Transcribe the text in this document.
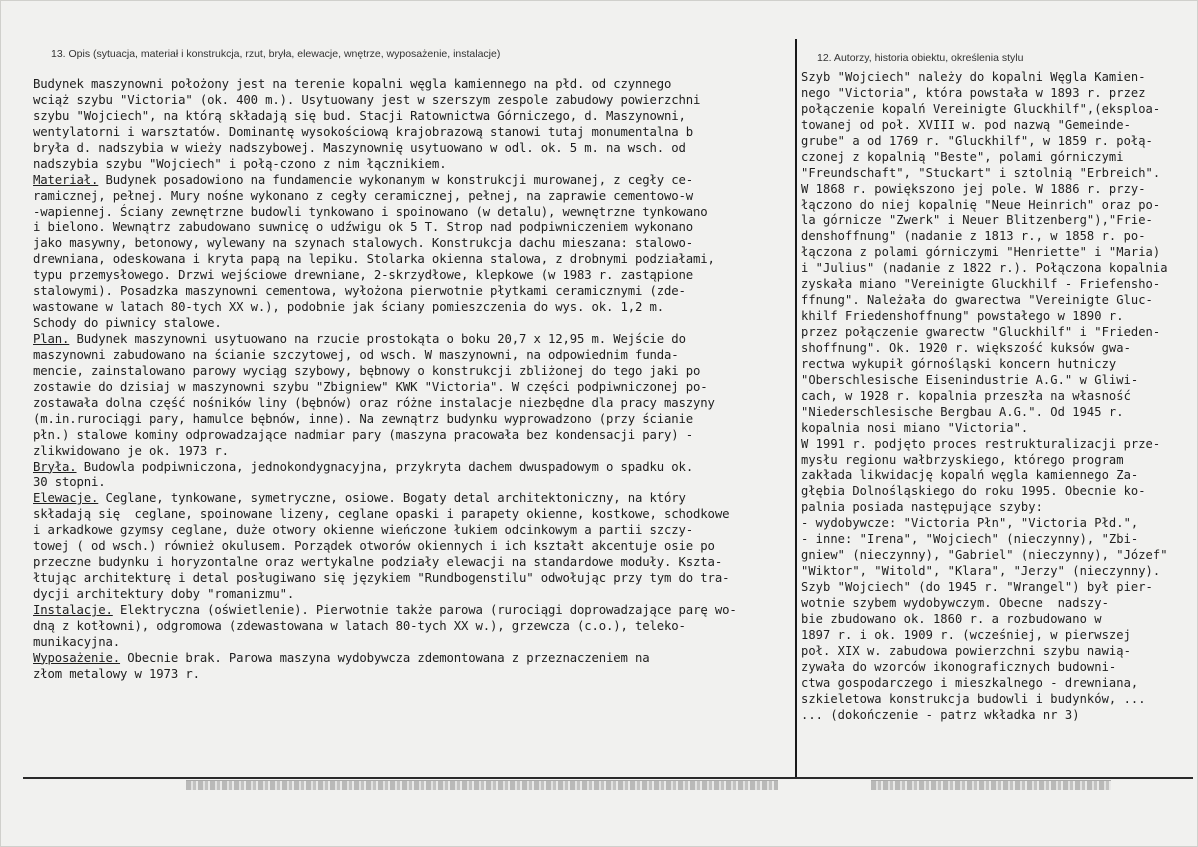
13. Opis (sytuacja, materiał i konstrukcja, rzut, bryła, elewacje, wnętrze, wyposażenie, instalacje)	12. Autorzy, historia obiektu, określenia stylu
Budynek maszynowni położony jest na terenie kopalni węgla kamiennego na płd. od czynnego
wciąż szybu "Victoria" (ok. 400 m.). Usytuowany jest w szerszym zespole zabudowy powierzchni
szybu "Wojciech", na którą składają się bud. Stacji Ratownictwa Górniczego, d. Maszynowni,
wentylatorni i warsztatów. Dominantę wysokościową krajobrazową stanowi tutaj monumentalna b
bryła d. nadszybia w wieży nadszybowej. Maszynownię usytuowano w odl. ok. 5 m. na wsch. od
nadszybia szybu "Wojciech" i połą-czono z nim łącznikiem.
Materiał. Budynek posadowiono na fundamencie wykonanym w konstrukcji murowanej, z cegły ce-
ramicznej, pełnej. Mury nośne wykonano z cegły ceramicznej, pełnej, na zaprawie cementowo-w
-wapiennej. Ściany zewnętrzne budowli tynkowano i spoinowano (w detalu), wewnętrzne tynkowano
i bielono. Wewnątrz zabudowano suwnicę o udźwigu ok 5 T. Strop nad podpiwniczeniem wykonano
jako masywny, betonowy, wylewany na szynach stalowych. Konstrukcja dachu mieszana: stalowo-
drewniana, odeskowana i kryta papą na lepiku. Stolarka okienna stalowa, z drobnymi podziałami,
typu przemysłowego. Drzwi wejściowe drewniane, 2-skrzydłowe, klepkowe (w 1983 r. zastąpione
stalowymi). Posadzka maszynowni cementowa, wyłożona pierwotnie płytkami ceramicznymi (zde-
wastowane w latach 80-tych XX w.), podobnie jak ściany pomieszczenia do wys. ok. 1,2 m.
Schody do piwnicy stalowe.
Plan. Budynek maszynowni usytuowano na rzucie prostokąta o boku 20,7 x 12,95 m. Wejście do
maszynowni zabudowano na ścianie szczytowej, od wsch. W maszynowni, na odpowiednim funda-
mencie, zainstalowano parowy wyciąg szybowy, bębnowy o konstrukcji zbliżonej do tego jaki po
zostawie do dzisiaj w maszynowni szybu "Zbigniew" KWK "Victoria". W części podpiwniczonej po-
zostawała dolna część nośników liny (bębnów) oraz różne instalacje niezbędne dla pracy maszyny
(m.in.rurociągi pary, hamulce bębnów, inne). Na zewnątrz budynku wyprowadzono (przy ścianie
płn.) stalowe kominy odprowadzające nadmiar pary (maszyna pracowała bez kondensacji pary) -
zlikwidowano je ok. 1973 r.
Bryła. Budowla podpiwniczona, jednokondygnacyjna, przykryta dachem dwuspadowym o spadku ok.
30 stopni.
Elewacje. Ceglane, tynkowane, symetryczne, osiowe. Bogaty detal architektoniczny, na który
składają się  ceglane, spoinowane lizeny, ceglane opaski i parapety okienne, kostkowe, schodkowe
i arkadkowe gzymsy ceglane, duże otwory okienne wieńczone łukiem odcinkowym a partii szczy-
towej ( od wsch.) również okulusem. Porządek otworów okiennych i ich kształt akcentuje osie po
przeczne budynku i horyzontalne oraz wertykalne podziały elewacji na standardowe moduły. Kszta-
łtując architekturę i detal posługiwano się językiem "Rundbogenstilu" odwołując przy tym do tra-
dycji architektury doby "romanizmu".
Instalacje. Elektryczna (oświetlenie). Pierwotnie także parowa (rurociągi doprowadzające parę wo-
dną z kotłowni), odgromowa (zdewastowana w latach 80-tych XX w.), grzewcza (c.o.), teleko-
munikacyjna.
Wyposażenie. Obecnie brak. Parowa maszyna wydobywcza zdemontowana z przeznaczeniem na
złom metalowy w 1973 r.
Szyb "Wojciech" należy do kopalni Węgla Kamien-
nego "Victoria", która powstała w 1893 r. przez
połączenie kopalń Vereinigte Gluckhilf",(eksploa-
towanej od poł. XVIII w. pod nazwą "Gemeinde-
grube" a od 1769 r. "Gluckhilf", w 1859 r. połą-
czonej z kopalnią "Beste", polami górniczymi
"Freundschaft", "Stuckart" i sztolnią "Erbreich".
W 1868 r. powiększono jej pole. W 1886 r. przy-
łączono do niej kopalnię "Neue Heinrich" oraz po-
la górnicze "Zwerk" i Neuer Blitzenberg"),"Frie-
denshoffnung" (nadanie z 1813 r., w 1858 r. po-
łączona z polami górniczymi "Henriette" i "Maria)
i "Julius" (nadanie z 1822 r.). Połączona kopalnia
zyskała miano "Vereinigte Gluckhilf - Friefensho-
ffnung". Należała do gwarectwa "Vereinigte Gluc-
khilf Friedenshoffnung" powstałego w 1890 r.
przez połączenie gwarectw "Gluckhilf" i "Frieden-
shoffnung". Ok. 1920 r. większość kuksów gwa-
rectwa wykupił górnośląski koncern hutniczy
"Oberschlesische Eisenindustrie A.G." w Gliwi-
cach, w 1928 r. kopalnia przeszła na własność
"Niederschlesische Bergbau A.G.". Od 1945 r.
kopalnia nosi miano "Victoria".
W 1991 r. podjęto proces restrukturalizacji prze-
mysłu regionu wałbrzyskiego, którego program
zakłada likwidację kopalń węgla kamiennego Za-
głębia Dolnośląskiego do roku 1995. Obecnie ko-
palnia posiada następujące szyby:
- wydobywcze: "Victoria Płn", "Victoria Płd.",
- inne: "Irena", "Wojciech" (nieczynny), "Zbi-
gniew" (nieczynny), "Gabriel" (nieczynny), "Józef"
"Wiktor", "Witold", "Klara", "Jerzy" (nieczynny).
Szyb "Wojciech" (do 1945 r. "Wrangel") był pier-
wotnie szybem wydobywczym. Obecne  nadszy-
bie zbudowano ok. 1860 r. a rozbudowano w
1897 r. i ok. 1909 r. (wcześniej, w pierwszej
poł. XIX w. zabudowa powierzchni szybu nawią-
zywała do wzorców ikonograficznych budowni-
ctwa gospodarczego i mieszkalnego - drewniana,
szkieletowa konstrukcja budowli i budynków, ...
... (dokończenie - patrz wkładka nr 3)
